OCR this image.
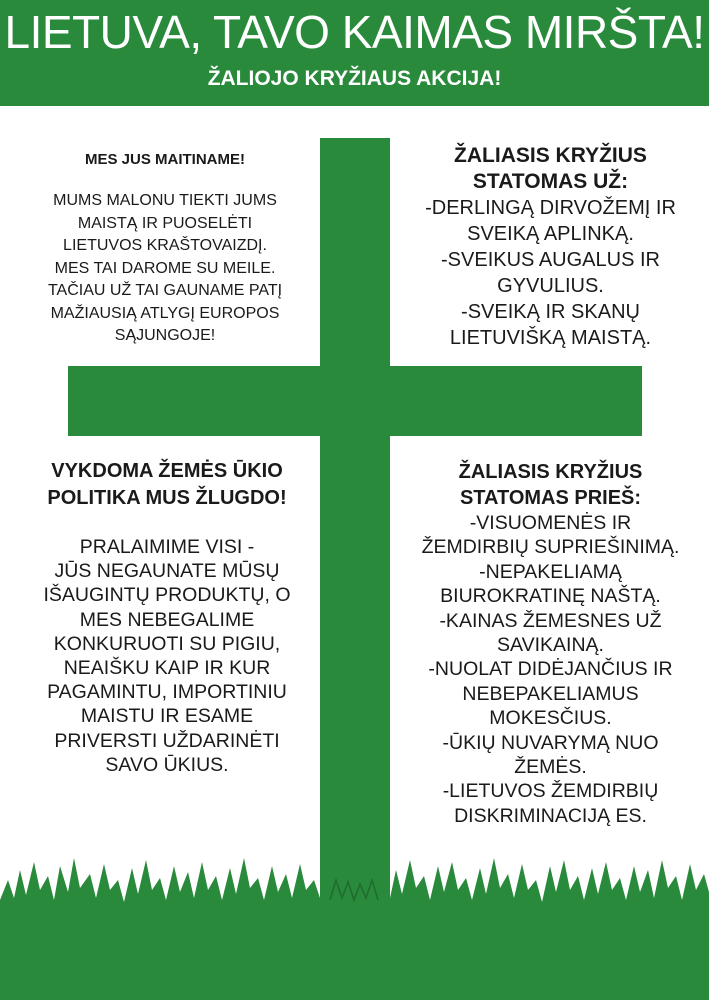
LIETUVA, TAVO KAIMAS MIRŠTA!
ŽALIOJO KRYŽIAUS AKCIJA!
MES JUS MAITINAME!
MUMS MALONU TIEKTI JUMS
MAISTĄ IR PUOSELĖTI
LIETUVOS KRAŠTOVAIZDĮ.
MES TAI DAROME SU MEILE.
TAČIAU UŽ TAI GAUNAME PATĮ
MAŽIAUSIĄ ATLYGĮ EUROPOS
SĄJUNGOJE!
ŽALIASIS KRYŽIUS
STATOMAS UŽ:
-DERLINGĄ DIRVOŽEMĮ IR
SVEIKĄ APLINKĄ.
-SVEIKUS AUGALUS IR
GYVULIUS.
-SVEIKĄ IR SKANŲ
LIETUVIŠKĄ MAISTĄ.
VYKDOMA ŽEMĖS ŪKIO
POLITIKA MUS ŽLUGDO!
PRALAIMIME VISI -
JŪS NEGAUNATE MŪSŲ
IŠAUGINTŲ PRODUKTŲ, O
MES NEBEGALIME
KONKURUOTI SU PIGIU,
NEAIŠKU KAIP IR KUR
PAGAMINTU, IMPORTINIU
MAISTU IR ESAME
PRIVERSTI UŽDARINĖTI
SAVO ŪKIUS.
ŽALIASIS KRYŽIUS
STATOMAS PRIEŠ:
-VISUOMENĖS IR
ŽEMDIRBIŲ SUPRIEŠINIMĄ.
-NEPAKELIAMĄ
BIUROKRATINĘ NAŠTĄ.
-KAINAS ŽEMESNES UŽ
SAVIKAINĄ.
-NUOLAT DIDĖJANČIUS IR
NEBEPAKELIAMUS
MOKESČIUS.
-ŪKIŲ NUVARYMĄ NUO
ŽEMĖS.
-LIETUVOS ŽEMDIRBIŲ
DISKRIMINACIJĄ ES.
